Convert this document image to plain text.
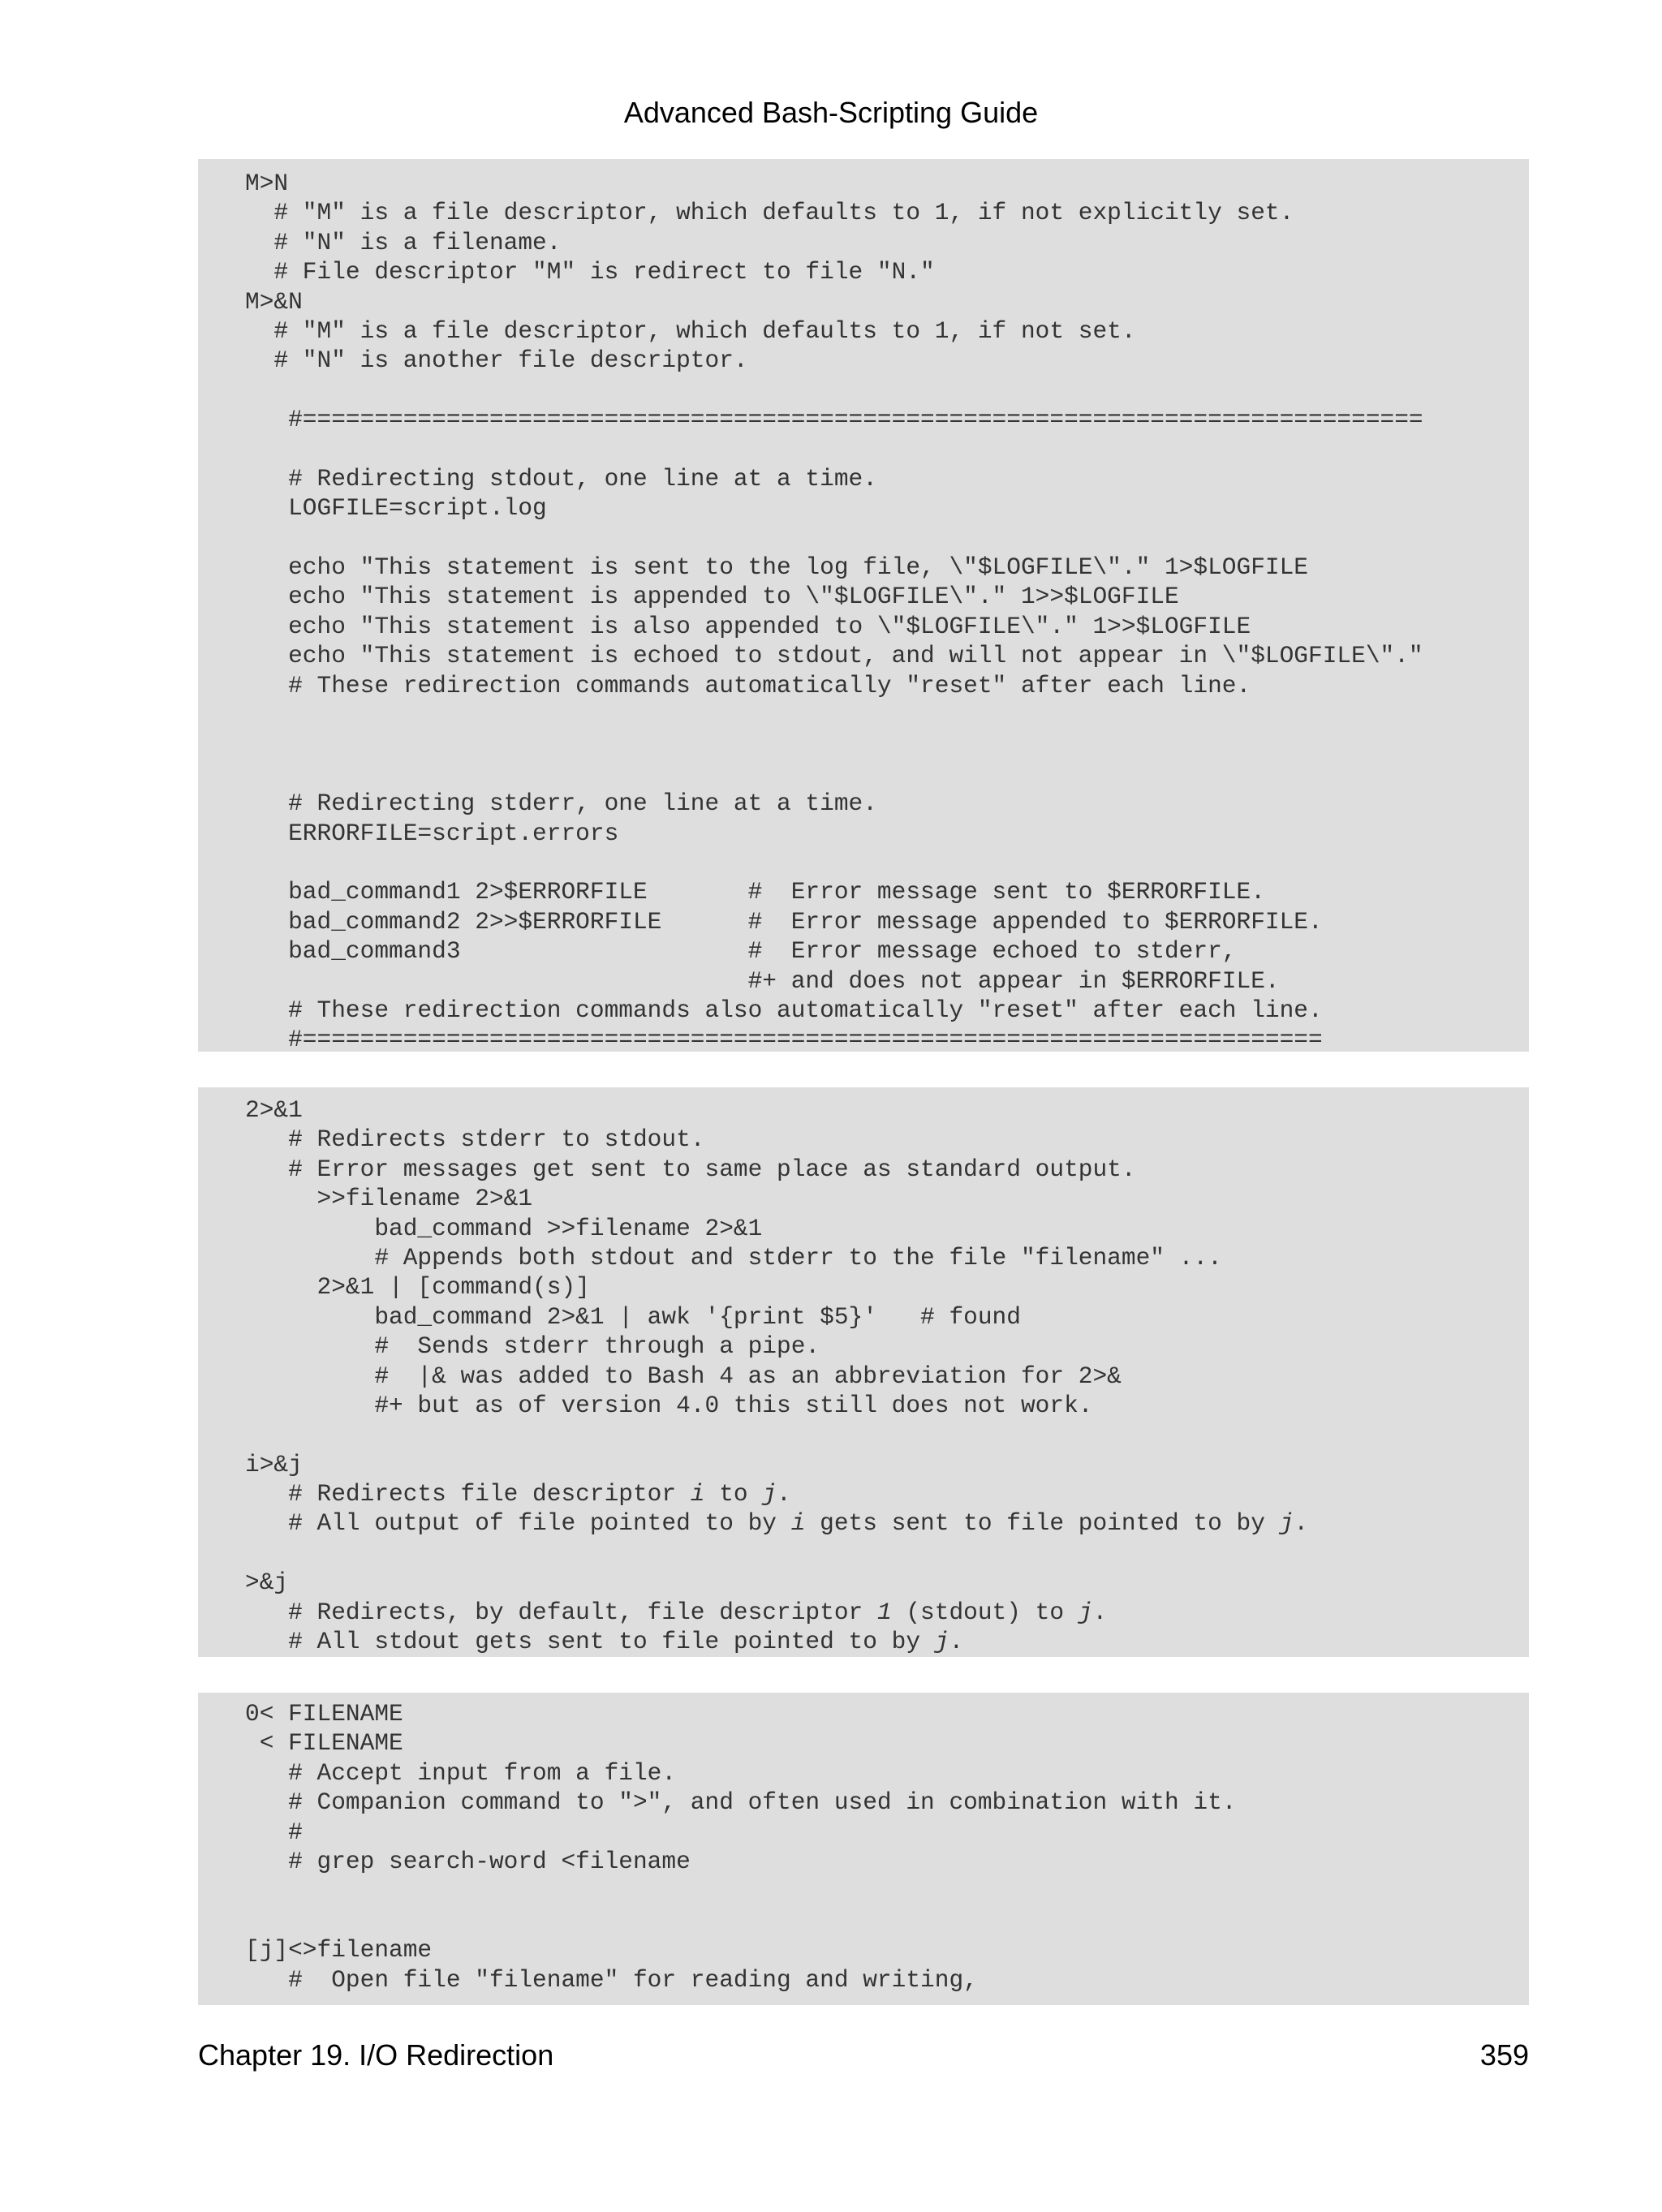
Advanced Bash-Scripting Guide
M>N
# "M" is a file descriptor, which defaults to 1, if not explicitly set.
# "N" is a filename.
# File descriptor "M" is redirect to file "N."
M>&N
# "M" is a file descriptor, which defaults to 1, if not set.
# "N" is another file descriptor.
#==============================================================================
# Redirecting stdout, one line at a time.
LOGFILE=script.log
echo "This statement is sent to the log file, \"$LOGFILE\"." 1>$LOGFILE
echo "This statement is appended to \"$LOGFILE\"." 1>>$LOGFILE
echo "This statement is also appended to \"$LOGFILE\"." 1>>$LOGFILE
echo "This statement is echoed to stdout, and will not appear in \"$LOGFILE\"."
# These redirection commands automatically "reset" after each line.
# Redirecting stderr, one line at a time.
ERRORFILE=script.errors
bad_command1 2>$ERRORFILE       #  Error message sent to $ERRORFILE.
bad_command2 2>>$ERRORFILE      #  Error message appended to $ERRORFILE.
bad_command3                    #  Error message echoed to stderr,
#+ and does not appear in $ERRORFILE.
# These redirection commands also automatically "reset" after each line.
#=======================================================================
2>&1
# Redirects stderr to stdout.
# Error messages get sent to same place as standard output.
>>filename 2>&1
bad_command >>filename 2>&1
# Appends both stdout and stderr to the file "filename" ...
2>&1 | [command(s)]
bad_command 2>&1 | awk '{print $5}'   # found
#  Sends stderr through a pipe.
#  |& was added to Bash 4 as an abbreviation for 2>&
#+ but as of version 4.0 this still does not work.
i>&j
# Redirects file descriptor i to j.
# All output of file pointed to by i gets sent to file pointed to by j.
>&j
# Redirects, by default, file descriptor 1 (stdout) to j.
# All stdout gets sent to file pointed to by j.
0< FILENAME
< FILENAME
# Accept input from a file.
# Companion command to ">", and often used in combination with it.
#
# grep search-word <filename
[j]<>filename
#  Open file "filename" for reading and writing,
Chapter 19. I/O Redirection	359
